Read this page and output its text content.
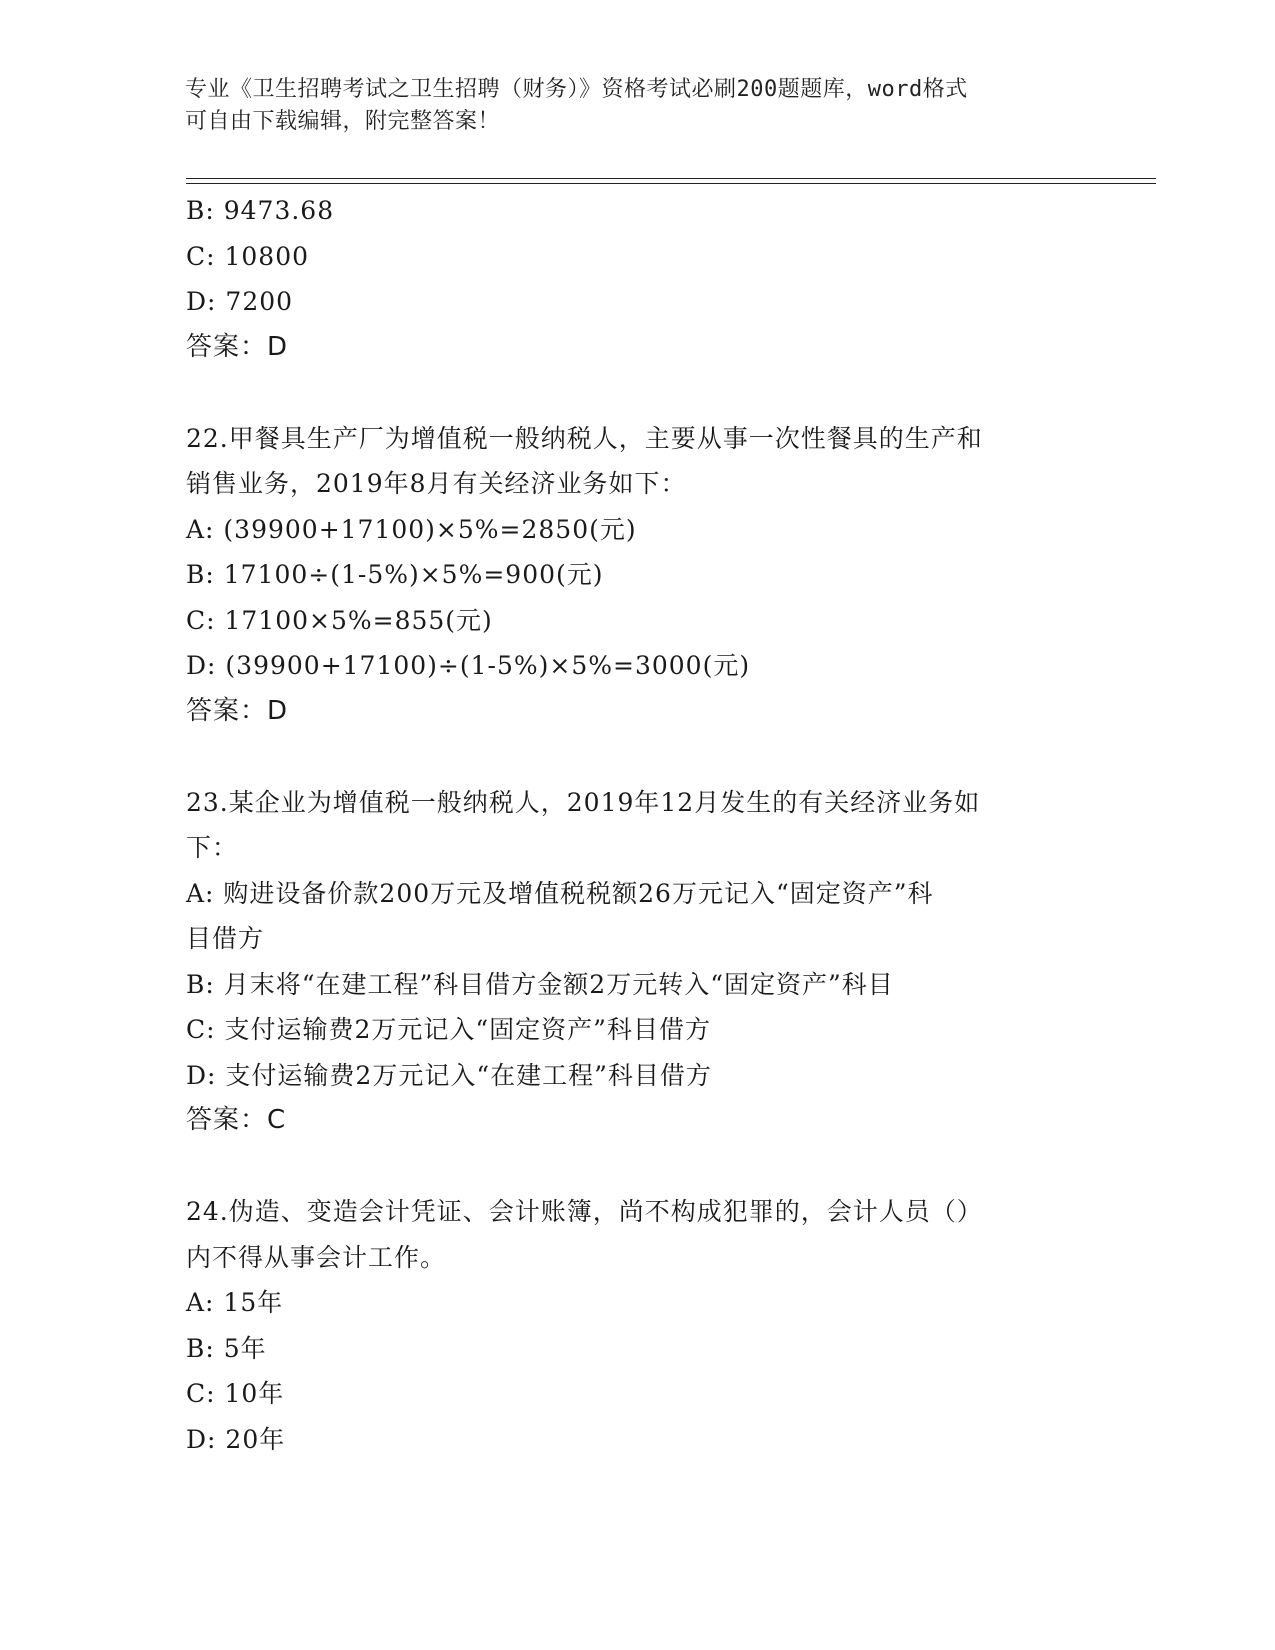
专业《卫生招聘考试之卫生招聘（财务）》资格考试必刷200题题库，word格式
可自由下载编辑，附完整答案！
B: 9473.68
C: 10800
D: 7200
答案：D
22.甲餐具生产厂为增值税一般纳税人，主要从事一次性餐具的生产和
销售业务，2019年8月有关经济业务如下：
A: (39900+17100)×5%=2850(元)
B: 17100÷(1-5%)×5%=900(元)
C: 17100×5%=855(元)
D: (39900+17100)÷(1-5%)×5%=3000(元)
答案：D
23.某企业为增值税一般纳税人，2019年12月发生的有关经济业务如
下：
A: 购进设备价款200万元及增值税税额26万元记入“固定资产”科
目借方
B: 月末将“在建工程”科目借方金额2万元转入“固定资产”科目
C: 支付运输费2万元记入“固定资产”科目借方
D: 支付运输费2万元记入“在建工程”科目借方
答案：C
24.伪造、变造会计凭证、会计账簿，尚不构成犯罪的，会计人员（）
内不得从事会计工作。
A: 15年
B: 5年
C: 10年
D: 20年
